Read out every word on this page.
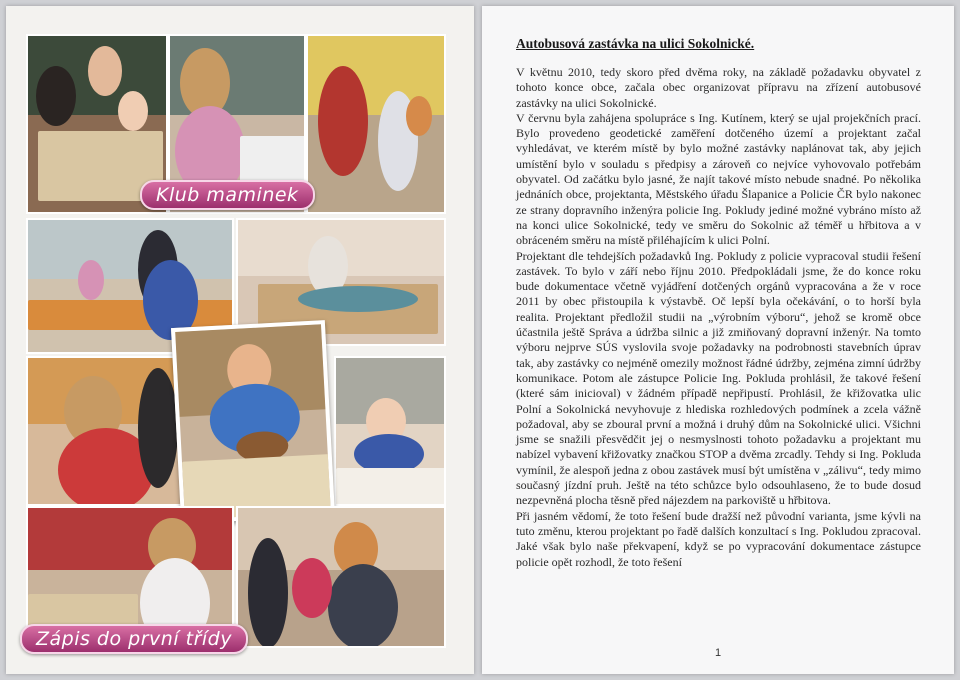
Klub maminek
Zápis do první třídy
Autobusová zastávka na ulici Sokolnické.

V květnu 2010, tedy skoro před dvěma roky, na základě požadavku obyvatel z tohoto konce obce, začala obec organizovat přípravu na zřízení autobusové zastávky na ulici Sokolnické.

V červnu byla zahájena spolupráce s Ing. Kutínem, který se ujal projekčních prací. Bylo provedeno geodetické zaměření dotčeného území a projektant začal vyhledávat, ve kterém místě by bylo možné zastávky naplánovat tak, aby jejich umístění bylo v souladu s předpisy a zároveň co nejvíce vyhovovalo potřebám obyvatel. Od začátku bylo jasné, že najít takové místo nebude snadné. Po několika jednáních obce, projektanta, Městského úřadu Šlapanice a Policie ČR bylo nakonec ze strany dopravního inženýra policie Ing. Pokludy jediné možné vybráno místo až na konci ulice Sokolnické, tedy ve směru do Sokolnic až téměř u hřbitova a v obráceném směru na místě přiléhajícím k ulici Polní.

Projektant dle tehdejších požadavků Ing. Pokludy z policie vypracoval studii řešení zastávek. To bylo v září nebo říjnu 2010. Předpokládali jsme, že do konce roku bude dokumentace včetně vyjádření dotčených orgánů vypracována a že v roce 2011 by obec přistoupila k výstavbě. Oč lepší byla očekávání, o to horší byla realita. Projektant předložil studii na „výrobním výboru“, jehož se kromě obce účastnila ještě Správa a údržba silnic a již zmiňovaný dopravní inženýr. Na tomto výboru nejprve SÚS vyslovila svoje požadavky na podrobnosti stavebních úprav tak, aby zastávky co nejméně omezily možnost řádné údržby, zejména zimní údržby komunikace. Potom ale zástupce Policie Ing. Pokluda prohlásil, že takové řešení (které sám inicioval) v žádném případě nepřipustí. Prohlásil, že křižovatka ulic Polní a Sokolnická nevyhovuje z hlediska rozhledových podmínek a zcela vážně požadoval, aby se zboural první a možná i druhý dům na Sokolnické ulici. Všichni jsme se snažili přesvědčit jej o nesmyslnosti tohoto požadavku a projektant mu nabízel vybavení křižovatky značkou STOP a dvěma zrcadly. Tehdy si Ing. Pokluda vymínil, že alespoň jedna z obou zastávek musí být umístěna v „zálivu“, tedy mimo současný jízdní pruh. Ještě na této schůzce bylo odsouhlaseno, že to bude dosud nezpevněná plocha těsně před nájezdem na parkoviště u hřbitova.

Při jasném vědomí, že toto řešení bude dražší než původní varianta, jsme kývli na tuto změnu, kterou projektant po řadě dalších konzultací s Ing. Pokludou zpracoval. Jaké však bylo naše překvapení, když se po vypracování dokumentace zástupce policie opět rozhodl, že toto řešení

1
